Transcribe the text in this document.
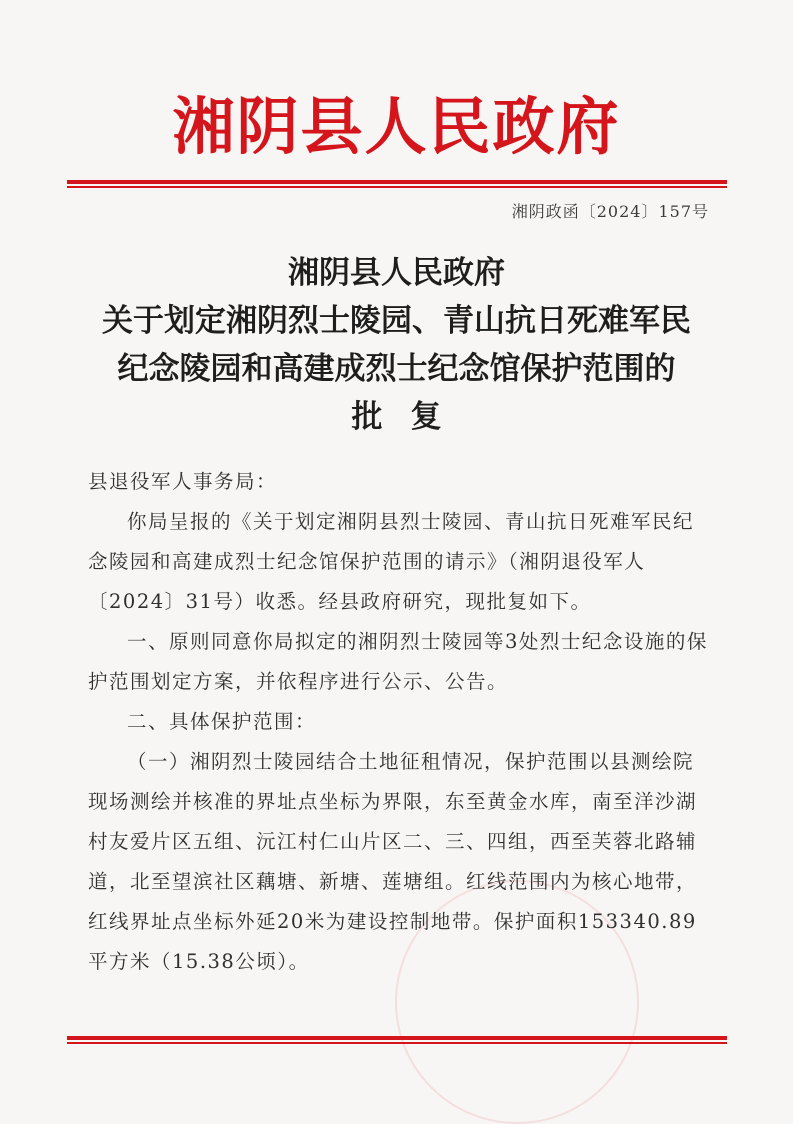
湘阴县人民政府
湘阴政函〔2024〕157号
湘阴县人民政府
关于划定湘阴烈士陵园、青山抗日死难军民
纪念陵园和高建成烈士纪念馆保护范围的
批复

县退役军人事务局：

你局呈报的《关于划定湘阴县烈士陵园、青山抗日死难军民纪念陵园和高建成烈士纪念馆保护范围的请示》（湘阴退役军人〔2024〕31号）收悉。经县政府研究，现批复如下。

一、原则同意你局拟定的湘阴烈士陵园等3处烈士纪念设施的保护范围划定方案，并依程序进行公示、公告。

二、具体保护范围：

（一）湘阴烈士陵园结合土地征租情况，保护范围以县测绘院现场测绘并核准的界址点坐标为界限，东至黄金水库，南至洋沙湖村友爱片区五组、沅江村仁山片区二、三、四组，西至芙蓉北路辅道，北至望滨社区藕塘、新塘、莲塘组。红线范围内为核心地带，红线界址点坐标外延20米为建设控制地带。保护面积153340.89平方米（15.38公顷）。
